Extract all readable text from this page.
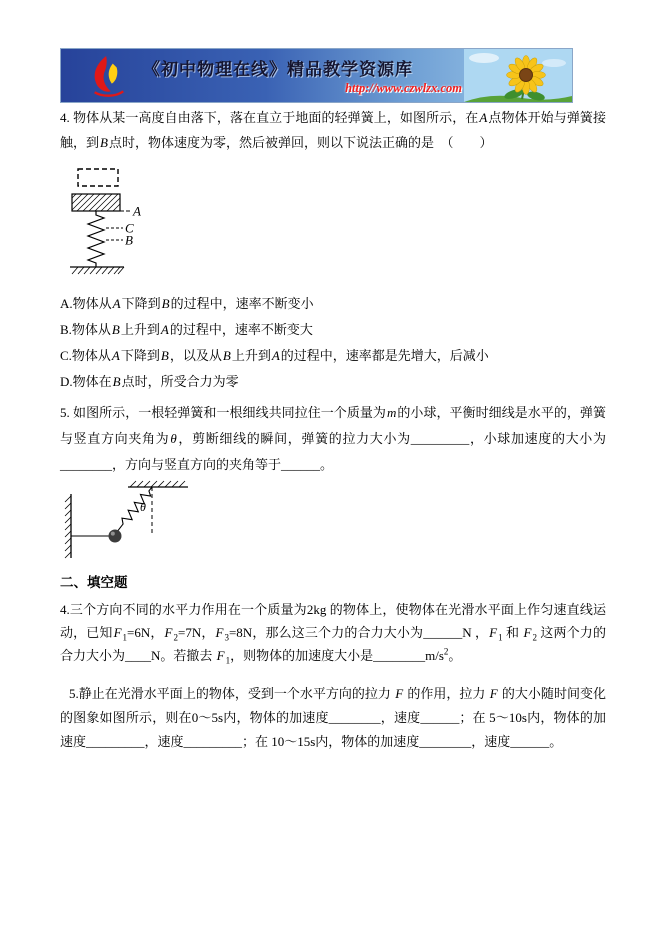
《初中物理在线》精品教学资源库
http://www.czwlzx.com

4. 物体从某一高度自由落下，落在直立于地面的轻弹簧上，如图所示，在A点物体开始与弹簧接触，到B点时，物体速度为零，然后被弹回，则以下说法正确的是　（　　）

A
C
B

A.物体从A下降到B的过程中，速率不断变小

B.物体从B上升到A的过程中，速率不断变大

C.物体从A下降到B，以及从B上升到A的过程中，速率都是先增大，后减小

D.物体在B点时，所受合力为零

5. 如图所示，一根轻弹簧和一根细线共同拉住一个质量为m的小球，平衡时细线是水平的，弹簧与竖直方向夹角为θ，剪断细线的瞬间，弹簧的拉力大小为_________，小球加速度的大小为________，方向与竖直方向的夹角等于______。

θ
二、填空题

4.三个方向不同的水平力作用在一个质量为2kg 的物体上，使物体在光滑水平面上作匀速直线运动，已知$F_1=6N$，$F_2=7N$，$F_3=8N$，那么这三个力的合力大小为______N ，$F_1$ 和 $F_2$ 这两个力的合力大小为____N。若撤去 $F_1$，则物体的加速度大小是$\_\_\_\_\_\_\_\_m/s^2$。

5.静止在光滑水平面上的物体，受到一个水平方向的拉力 F 的作用，拉力 F 的大小随时间变化的图象如图所示，则在0～5s内，物体的加速度________，速度______；在 5～10s内，物体的加速度_________，速度_________；在 10～15s内，物体的加速度________，速度______。
